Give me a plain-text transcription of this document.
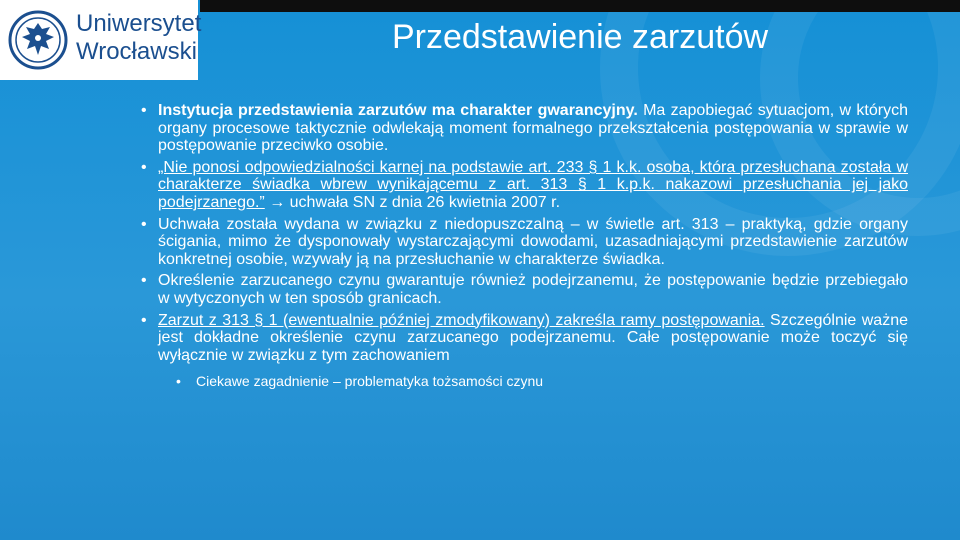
Uniwersytet
Wrocławski	Przedstawienie zarzutów
• Instytucja przedstawienia zarzutów ma charakter gwarancyjny. Ma zapobiegać sytuacjom, w których organy procesowe taktycznie odwlekają moment formalnego przekształcenia postępowania w sprawie w postępowanie przeciwko osobie.
• „Nie ponosi odpowiedzialności karnej na podstawie art. 233 § 1 k.k. osoba, która przesłuchana została w charakterze świadka wbrew wynikającemu z art. 313 § 1 k.p.k. nakazowi przesłuchania jej jako podejrzanego.” → uchwała SN z dnia 26 kwietnia 2007 r.
• Uchwała została wydana w związku z niedopuszczalną – w świetle art. 313 – praktyką, gdzie organy ścigania, mimo że dysponowały wystarczającymi dowodami, uzasadniającymi przedstawienie zarzutów konkretnej osobie, wzywały ją na przesłuchanie w charakterze świadka.
• Określenie zarzucanego czynu gwarantuje również podejrzanemu, że postępowanie będzie przebiegało w wytyczonych w ten sposób granicach.
• Zarzut z 313 § 1 (ewentualnie później zmodyfikowany) zakreśla ramy postępowania. Szczególnie ważne jest dokładne określenie czynu zarzucanego podejrzanemu. Całe postępowanie może toczyć się wyłącznie w związku z tym zachowaniem
• Ciekawe zagadnienie – problematyka tożsamości czynu
